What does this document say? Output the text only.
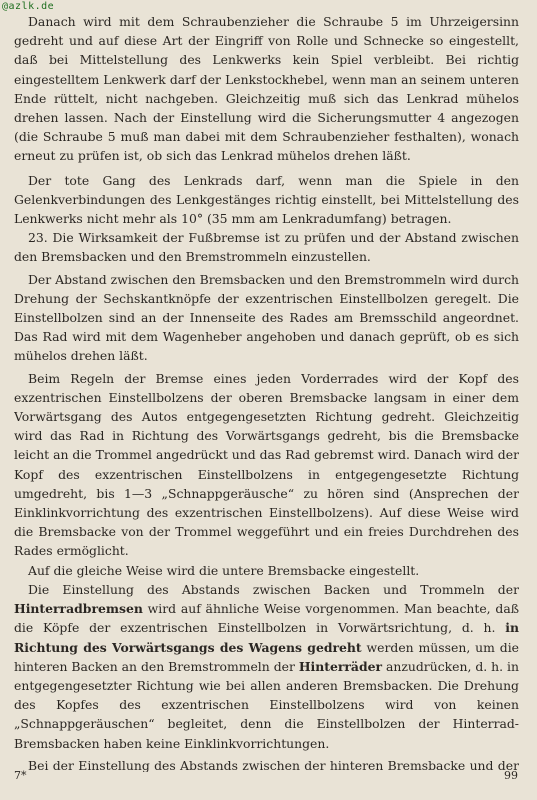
@azlk.de

Danach wird mit dem Schraubenzieher die Schraube 5 im Uhrzeigersinn gedreht und auf diese Art der Eingriff von Rolle und Schnecke so eingestellt, daß bei Mittelstellung des Lenkwerks kein Spiel verbleibt. Bei richtig eingestelltem Lenkwerk darf der Lenkstockhebel, wenn man an seinem unteren Ende rüttelt, nicht nachgeben. Gleichzeitig muß sich das Lenkrad mühelos drehen lassen. Nach der Einstellung wird die Sicherungsmutter 4 angezogen (die Schraube 5 muß man dabei mit dem Schraubenzieher festhalten), wonach erneut zu prüfen ist, ob sich das Lenkrad mühelos drehen läßt.

Der tote Gang des Lenkrads darf, wenn man die Spiele in den Gelenkverbindungen des Lenkgestänges richtig einstellt, bei Mittelstellung des Lenkwerks nicht mehr als 10° (35 mm am Lenkradumfang) betragen.

23. Die Wirksamkeit der Fußbremse ist zu prüfen und der Abstand zwischen den Bremsbacken und den Bremstrommeln einzustellen.

Der Abstand zwischen den Bremsbacken und den Bremstrommeln wird durch Drehung der Sechskantknöpfe der exzentrischen Einstellbolzen geregelt. Die Einstellbolzen sind an der Innenseite des Rades am Bremsschild angeordnet. Das Rad wird mit dem Wagenheber angehoben und danach geprüft, ob es sich mühelos drehen läßt.

Beim Regeln der Bremse eines jeden Vorderrades wird der Kopf des exzentrischen Einstellbolzens der oberen Bremsbacke langsam in einer dem Vorwärtsgang des Autos entgegengesetzten Richtung gedreht. Gleichzeitig wird das Rad in Richtung des Vorwärtsgangs gedreht, bis die Bremsbacke leicht an die Trommel angedrückt und das Rad gebremst wird. Danach wird der Kopf des exzentrischen Einstellbolzens in entgegengesetzte Richtung umgedreht, bis 1—3 „Schnappgeräusche“ zu hören sind (Ansprechen der Einklinkvorrichtung des exzentrischen Einstellbolzens). Auf diese Weise wird die Bremsbacke von der Trommel weggeführt und ein freies Durchdrehen des Rades ermöglicht.

Auf die gleiche Weise wird die untere Bremsbacke eingestellt.

Die Einstellung des Abstands zwischen Backen und Trommeln der Hinterradbremsen wird auf ähnliche Weise vorgenommen. Man beachte, daß die Köpfe der exzentrischen Einstellbolzen in Vorwärtsrichtung, d. h. in Richtung des Vorwärtsgangs des Wagens gedreht werden müssen, um die hinteren Backen an den Bremstrommeln der Hinterräder anzudrücken, d. h. in entgegengesetzter Richtung wie bei allen anderen Bremsbacken. Die Drehung des Kopfes des exzentrischen Einstellbolzens wird von keinen „Schnappgeräuschen“ begleitet, denn die Einstellbolzen der Hinterrad-Bremsbacken haben keine Einklinkvorrichtungen.

Bei der Einstellung des Abstands zwischen der hinteren Bremsbacke und der

7*	99
